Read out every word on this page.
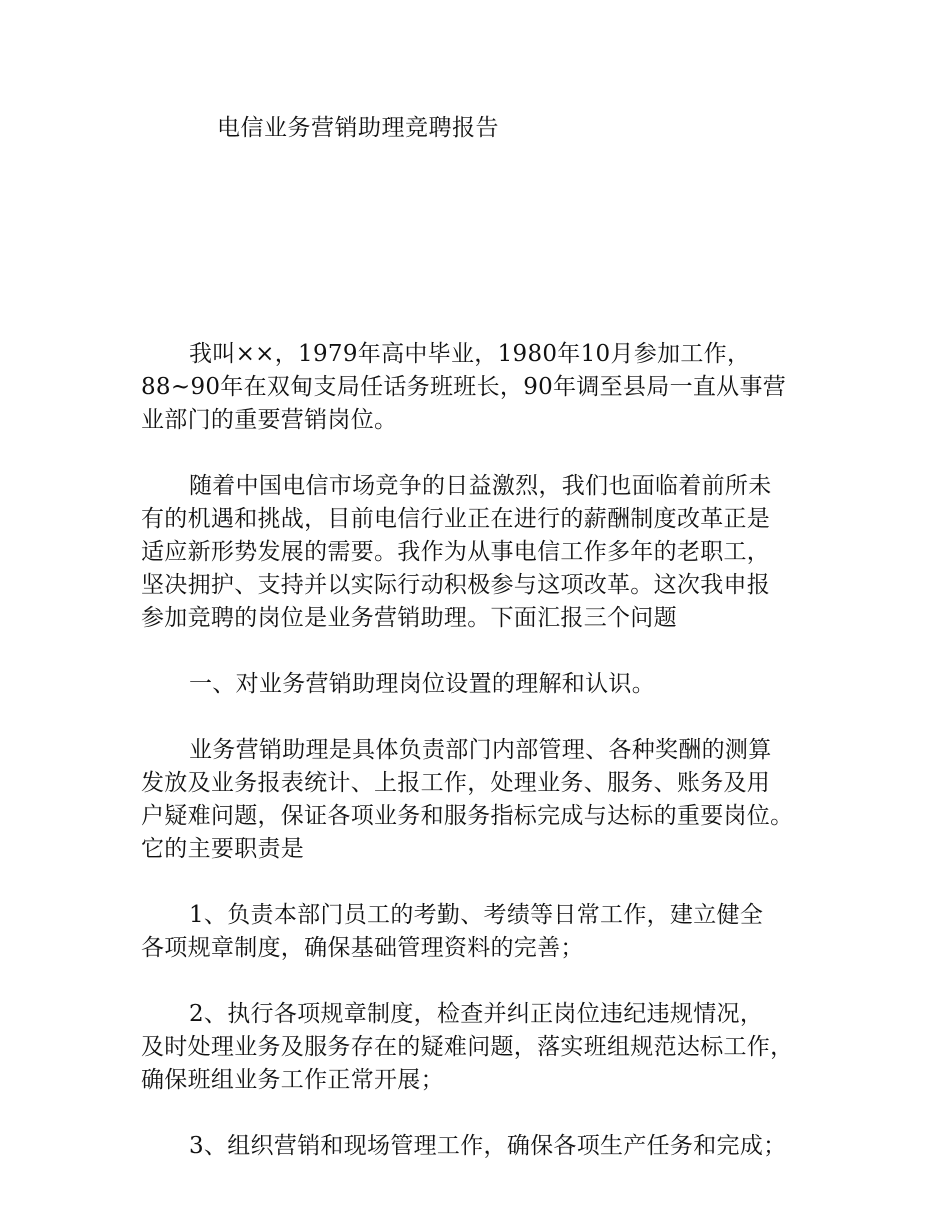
电信业务营销助理竞聘报告
我叫××，1979年高中毕业，1980年10月参加工作，
88~90年在双甸支局任话务班班长，90年调至县局一直从事营
业部门的重要营销岗位。
随着中国电信市场竞争的日益激烈，我们也面临着前所未
有的机遇和挑战，目前电信行业正在进行的薪酬制度改革正是
适应新形势发展的需要。我作为从事电信工作多年的老职工，
坚决拥护、支持并以实际行动积极参与这项改革。这次我申报
参加竞聘的岗位是业务营销助理。下面汇报三个问题
一、对业务营销助理岗位设置的理解和认识。
业务营销助理是具体负责部门内部管理、各种奖酬的测算
发放及业务报表统计、上报工作，处理业务、服务、账务及用
户疑难问题，保证各项业务和服务指标完成与达标的重要岗位。
它的主要职责是
1、负责本部门员工的考勤、考绩等日常工作，建立健全
各项规章制度，确保基础管理资料的完善；
2、执行各项规章制度，检查并纠正岗位违纪违规情况，
及时处理业务及服务存在的疑难问题，落实班组规范达标工作，
确保班组业务工作正常开展；
3、组织营销和现场管理工作，确保各项生产任务和完成；
